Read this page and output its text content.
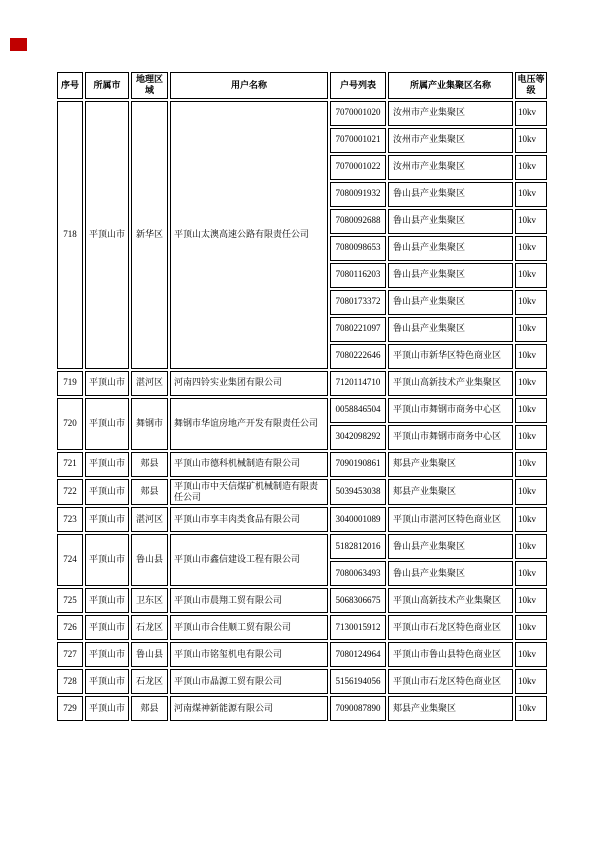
序号	所属市	地理区域	用户名称	户号列表	所属产业集聚区名称	电压等级
718	平顶山市	新华区	平顶山太澳高速公路有限责任公司	7070001020	汝州市产业集聚区	10kv
				7070001021	汝州市产业集聚区	10kv
				7070001022	汝州市产业集聚区	10kv
				7080091932	鲁山县产业集聚区	10kv
				7080092688	鲁山县产业集聚区	10kv
				7080098653	鲁山县产业集聚区	10kv
				7080116203	鲁山县产业集聚区	10kv
				7080173372	鲁山县产业集聚区	10kv
				7080221097	鲁山县产业集聚区	10kv
				7080222646	平顶山市新华区特色商业区	10kv
719	平顶山市	湛河区	河南四铃实业集团有限公司	7120114710	平顶山高新技术产业集聚区	10kv
720	平顶山市	舞钢市	舞钢市华谊房地产开发有限责任公司	0058846504	平顶山市舞钢市商务中心区	10kv
				3042098292	平顶山市舞钢市商务中心区	10kv
721	平顶山市	郏县	平顶山市德科机械制造有限公司	7090190861	郏县产业集聚区	10kv
722	平顶山市	郏县	平顶山市中天信煤矿机械制造有限责任公司	5039453038	郏县产业集聚区	10kv
723	平顶山市	湛河区	平顶山市享丰肉类食品有限公司	3040001089	平顶山市湛河区特色商业区	10kv
724	平顶山市	鲁山县	平顶山市鑫信建设工程有限公司	5182812016	鲁山县产业集聚区	10kv
				7080063493	鲁山县产业集聚区	10kv
725	平顶山市	卫东区	平顶山市晨翔工贸有限公司	5068306675	平顶山高新技术产业集聚区	10kv
726	平顶山市	石龙区	平顶山市合佳顺工贸有限公司	7130015912	平顶山市石龙区特色商业区	10kv
727	平顶山市	鲁山县	平顶山市铭玺机电有限公司	7080124964	平顶山市鲁山县特色商业区	10kv
728	平顶山市	石龙区	平顶山市晶源工贸有限公司	5156194056	平顶山市石龙区特色商业区	10kv
729	平顶山市	郏县	河南煤神新能源有限公司	7090087890	郏县产业集聚区	10kv
